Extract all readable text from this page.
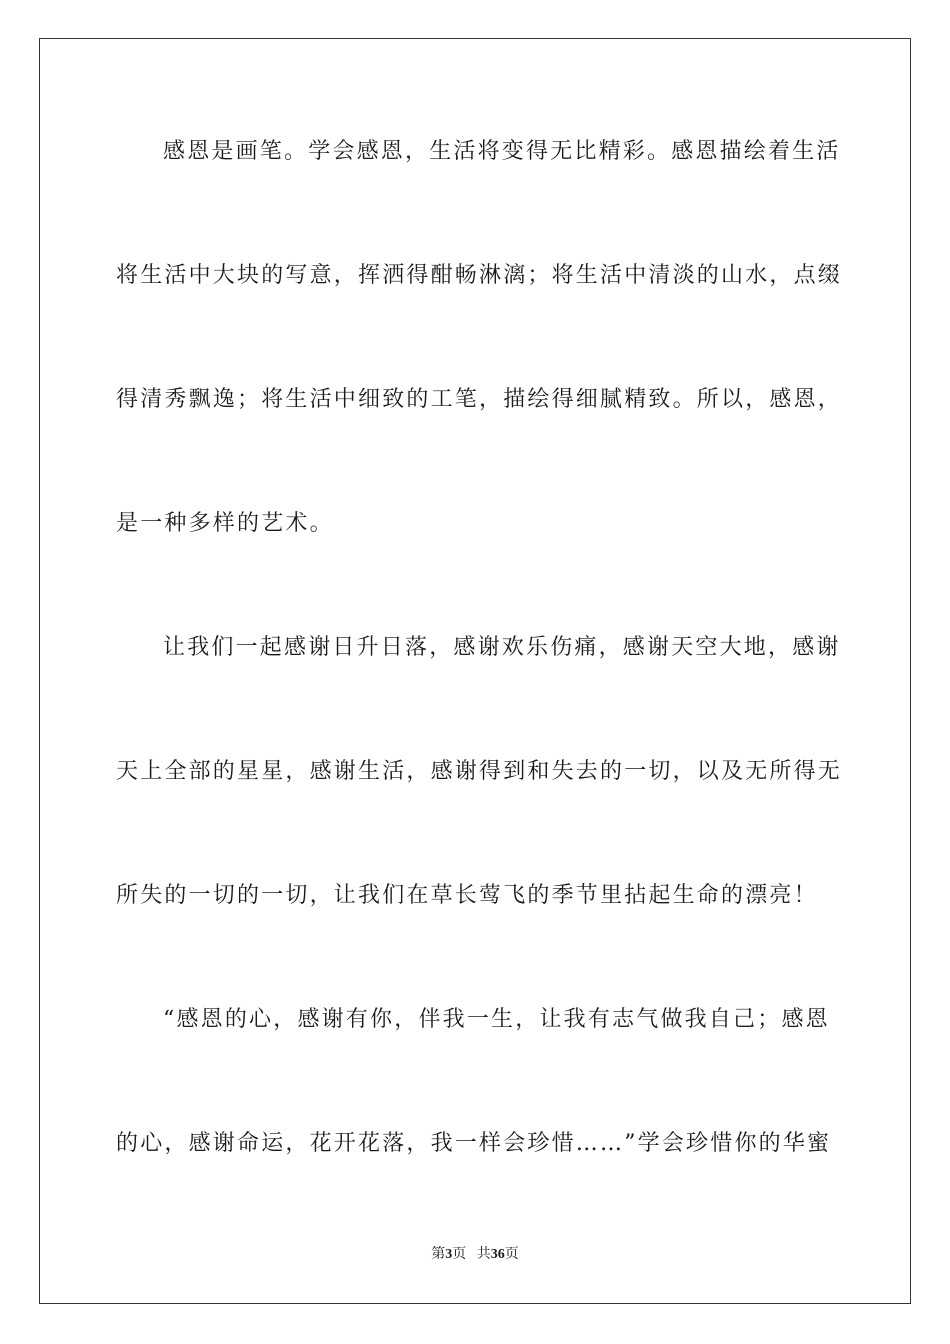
感恩是画笔。学会感恩，生活将变得无比精彩。感恩描绘着生活
将生活中大块的写意，挥洒得酣畅淋漓；将生活中清淡的山水，点缀
得清秀飘逸；将生活中细致的工笔，描绘得细腻精致。所以，感恩，
是一种多样的艺术。
让我们一起感谢日升日落，感谢欢乐伤痛，感谢天空大地，感谢
天上全部的星星，感谢生活，感谢得到和失去的一切，以及无所得无
所失的一切的一切，让我们在草长莺飞的季节里拈起生命的漂亮！
“感恩的心，感谢有你，伴我一生，让我有志气做我自己；感恩
的心，感谢命运，花开花落，我一样会珍惜……”学会珍惜你的华蜜
第3页 共36页
